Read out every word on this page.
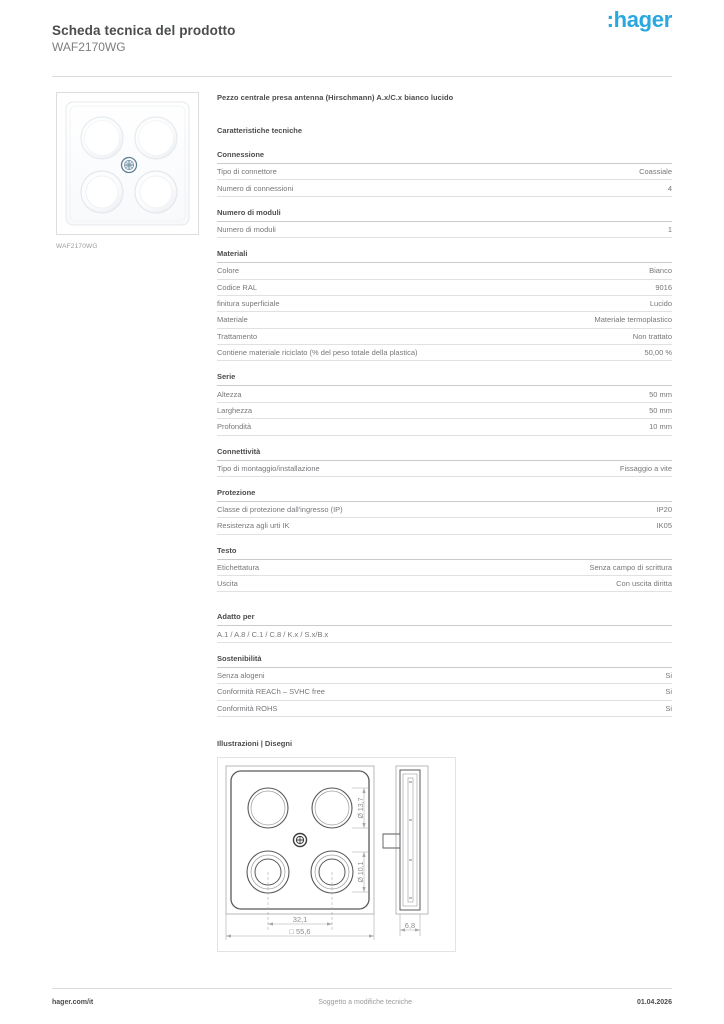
Scheda tecnica del prodotto
WAF2170WG
:hager
WAF2170WG
Pezzo centrale presa antenna (Hirschmann) A.x/C.x bianco lucido
Caratteristiche tecniche
Connessione
Tipo di connettore	Coassiale
Numero di connessioni	4
Numero di moduli
Numero di moduli	1
Materiali
Colore	Bianco
Codice RAL	9016
finitura superficiale	Lucido
Materiale	Materiale termoplastico
Trattamento	Non trattato
Contiene materiale riciclato (% del peso totale della plastica)	50,00 %
Serie
Altezza	50 mm
Larghezza	50 mm
Profondità	10 mm
Connettività
Tipo di montaggio/installazione	Fissaggio a vite
Protezione
Classe di protezione dall'ingresso (IP)	IP20
Resistenza agli urti IK	IK05
Testo
Etichettatura	Senza campo di scrittura
Uscita	Con uscita diritta
Adatto per
A.1 / A.8 / C.1 / C.8 / K.x / S.x/B.x
Sostenibilità
Senza alogeni	Si
Conformità REACh – SVHC free	Si
Conformità ROHS	Si
Illustrazioni | Disegni
Ø 13,7
Ø 10,1
32,1
□ 55,6
6,8
hager.com/it	Soggetto a modifiche tecniche	01.04.2026
